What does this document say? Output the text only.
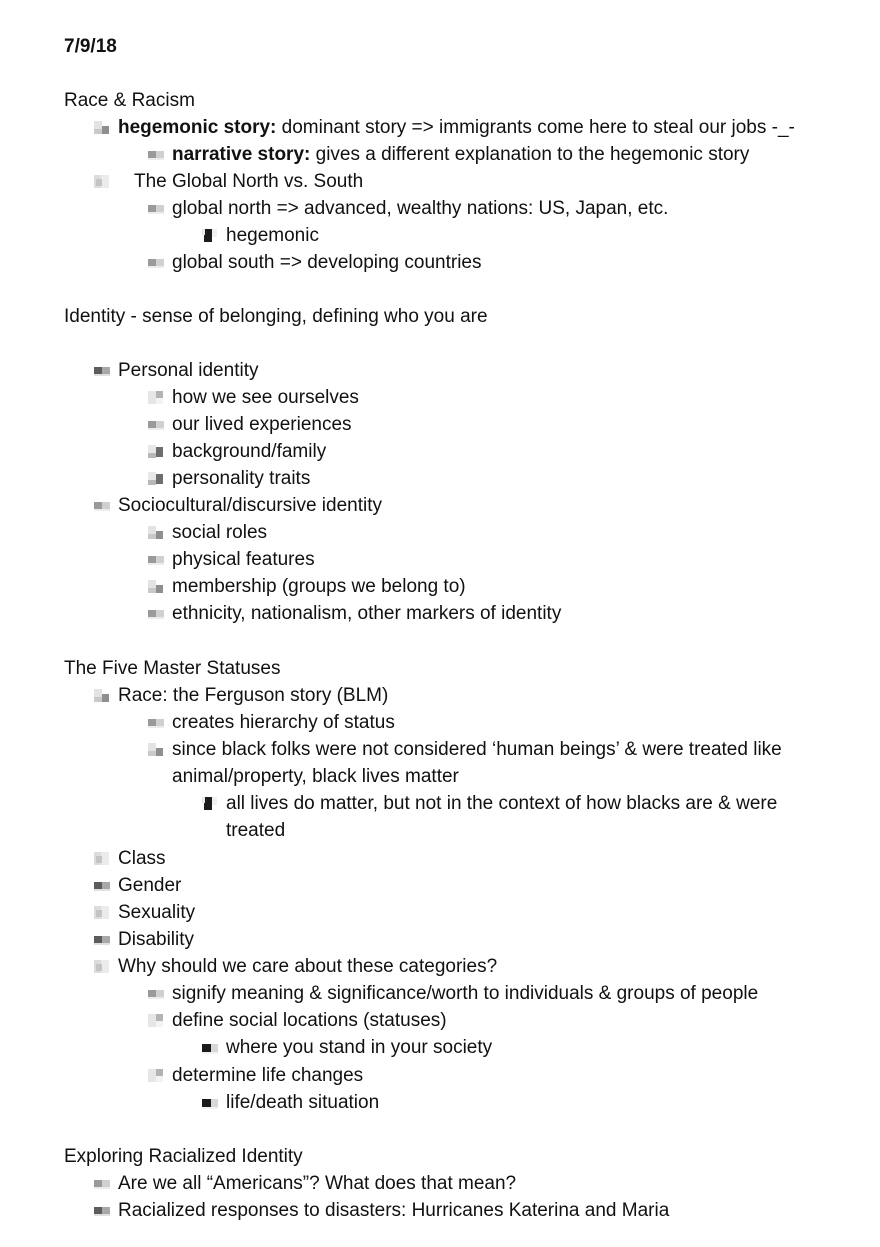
7/9/18
Race & Racism
hegemonic story: dominant story => immigrants come here to steal our jobs -_-
narrative story: gives a different explanation to the hegemonic story
The Global North vs. South
global north => advanced, wealthy nations: US, Japan, etc.
hegemonic
global south => developing countries
Identity - sense of belonging, defining who you are
Personal identity
how we see ourselves
our lived experiences
background/family
personality traits
Sociocultural/discursive identity
social roles
physical features
membership (groups we belong to)
ethnicity, nationalism, other markers of identity
The Five Master Statuses
Race: the Ferguson story (BLM)
creates hierarchy of status
since black folks were not considered ‘human beings’ & were treated like
animal/property, black lives matter
all lives do matter, but not in the context of how blacks are & were
treated
Class
Gender
Sexuality
Disability
Why should we care about these categories?
signify meaning & significance/worth to individuals & groups of people
define social locations (statuses)
where you stand in your society
determine life changes
life/death situation
Exploring Racialized Identity
Are we all “Americans”? What does that mean?
Racialized responses to disasters: Hurricanes Katerina and Maria
